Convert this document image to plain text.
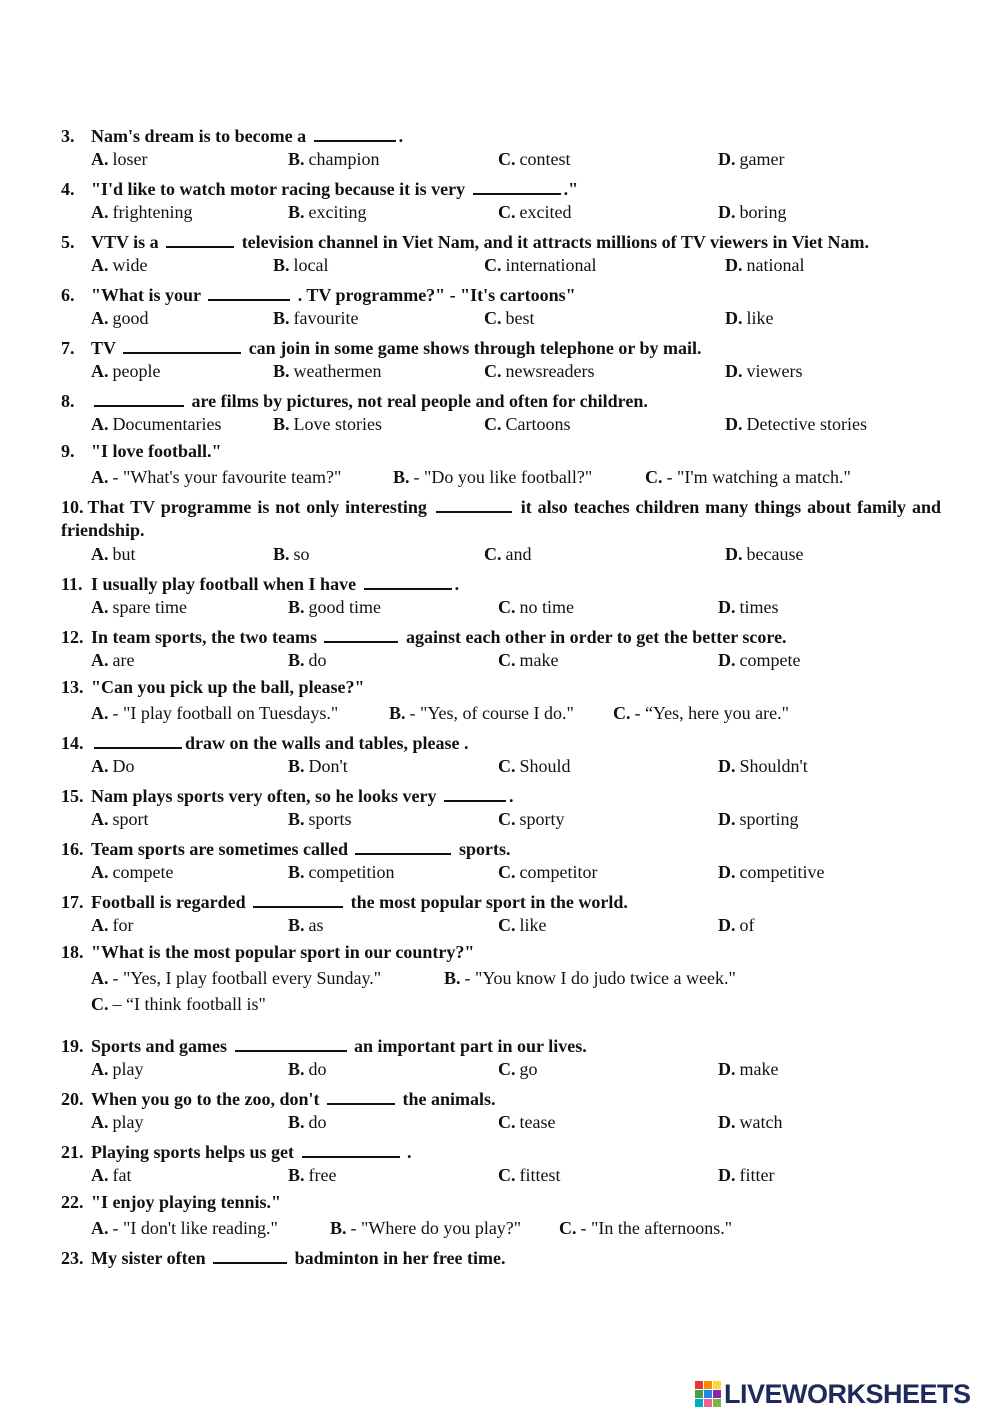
3. Nam's dream is to become a	.
A. loser	B. champion	C. contest	D. gamer
4. "I'd like to watch motor racing because it is very	."
A. frightening	B. exciting	C. excited	D. boring
5. VTV is a	television channel in Viet Nam, and it attracts millions of TV viewers in Viet Nam.
A. wide	B. local	C. international	D. national
6. "What is your	. TV programme?" - "It's cartoons"
A. good	B. favourite	C. best	D. like
7. TV	can join in some game shows through telephone or by mail.
A. people	B. weathermen	C. newsreaders	D. viewers
8.	are films by pictures, not real people and often for children.
A. Documentaries	B. Love stories	C. Cartoons	D. Detective stories
9. "I love football."
A. - "What's your favourite team?"	B. - "Do you like football?"	C. - "I'm watching a match."
10. That TV programme is not only interesting	it also teaches children many things about family and friendship.
A. but	B. so	C. and	D. because
11. I usually play football when I have	.
A. spare time	B. good time	C. no time	D. times
12. In team sports, the two teams	against each other in order to get the better score.
A. are	B. do	C. make	D. compete
13. "Can you pick up the ball, please?"
A. - "I play football on Tuesdays."	B. - "Yes, of course I do." C. - “Yes, here you are."
14.	draw on the walls and tables, please .
A. Do	B. Don't	C. Should	D. Shouldn't
15. Nam plays sports very often, so he looks very	.
A. sport	B. sports	C. sporty	D. sporting
16. Team sports are sometimes called	sports.
A. compete	B. competition	C. competitor	D. competitive
17. Football is regarded	the most popular sport in the world.
A. for	B. as	C. like	D. of
18. "What is the most popular sport in our country?"
A. - "Yes, I play football every Sunday."	B. - "You know I do judo twice a week."
C. – “I think football is"
19. Sports and games	an important part in our lives.
A. play	B. do	C. go	D. make
20. When you go to the zoo, don't	the animals.
A. play	B. do	C. tease	D. watch
21. Playing sports helps us get	.
A. fat	B. free	C. fittest	D. fitter
22. "I enjoy playing tennis."
A. - "I don't like reading."	B. - "Where do you play?" C. - "In the afternoons."
23. My sister often	badminton in her free time.
LIVEWORKSHEETS
